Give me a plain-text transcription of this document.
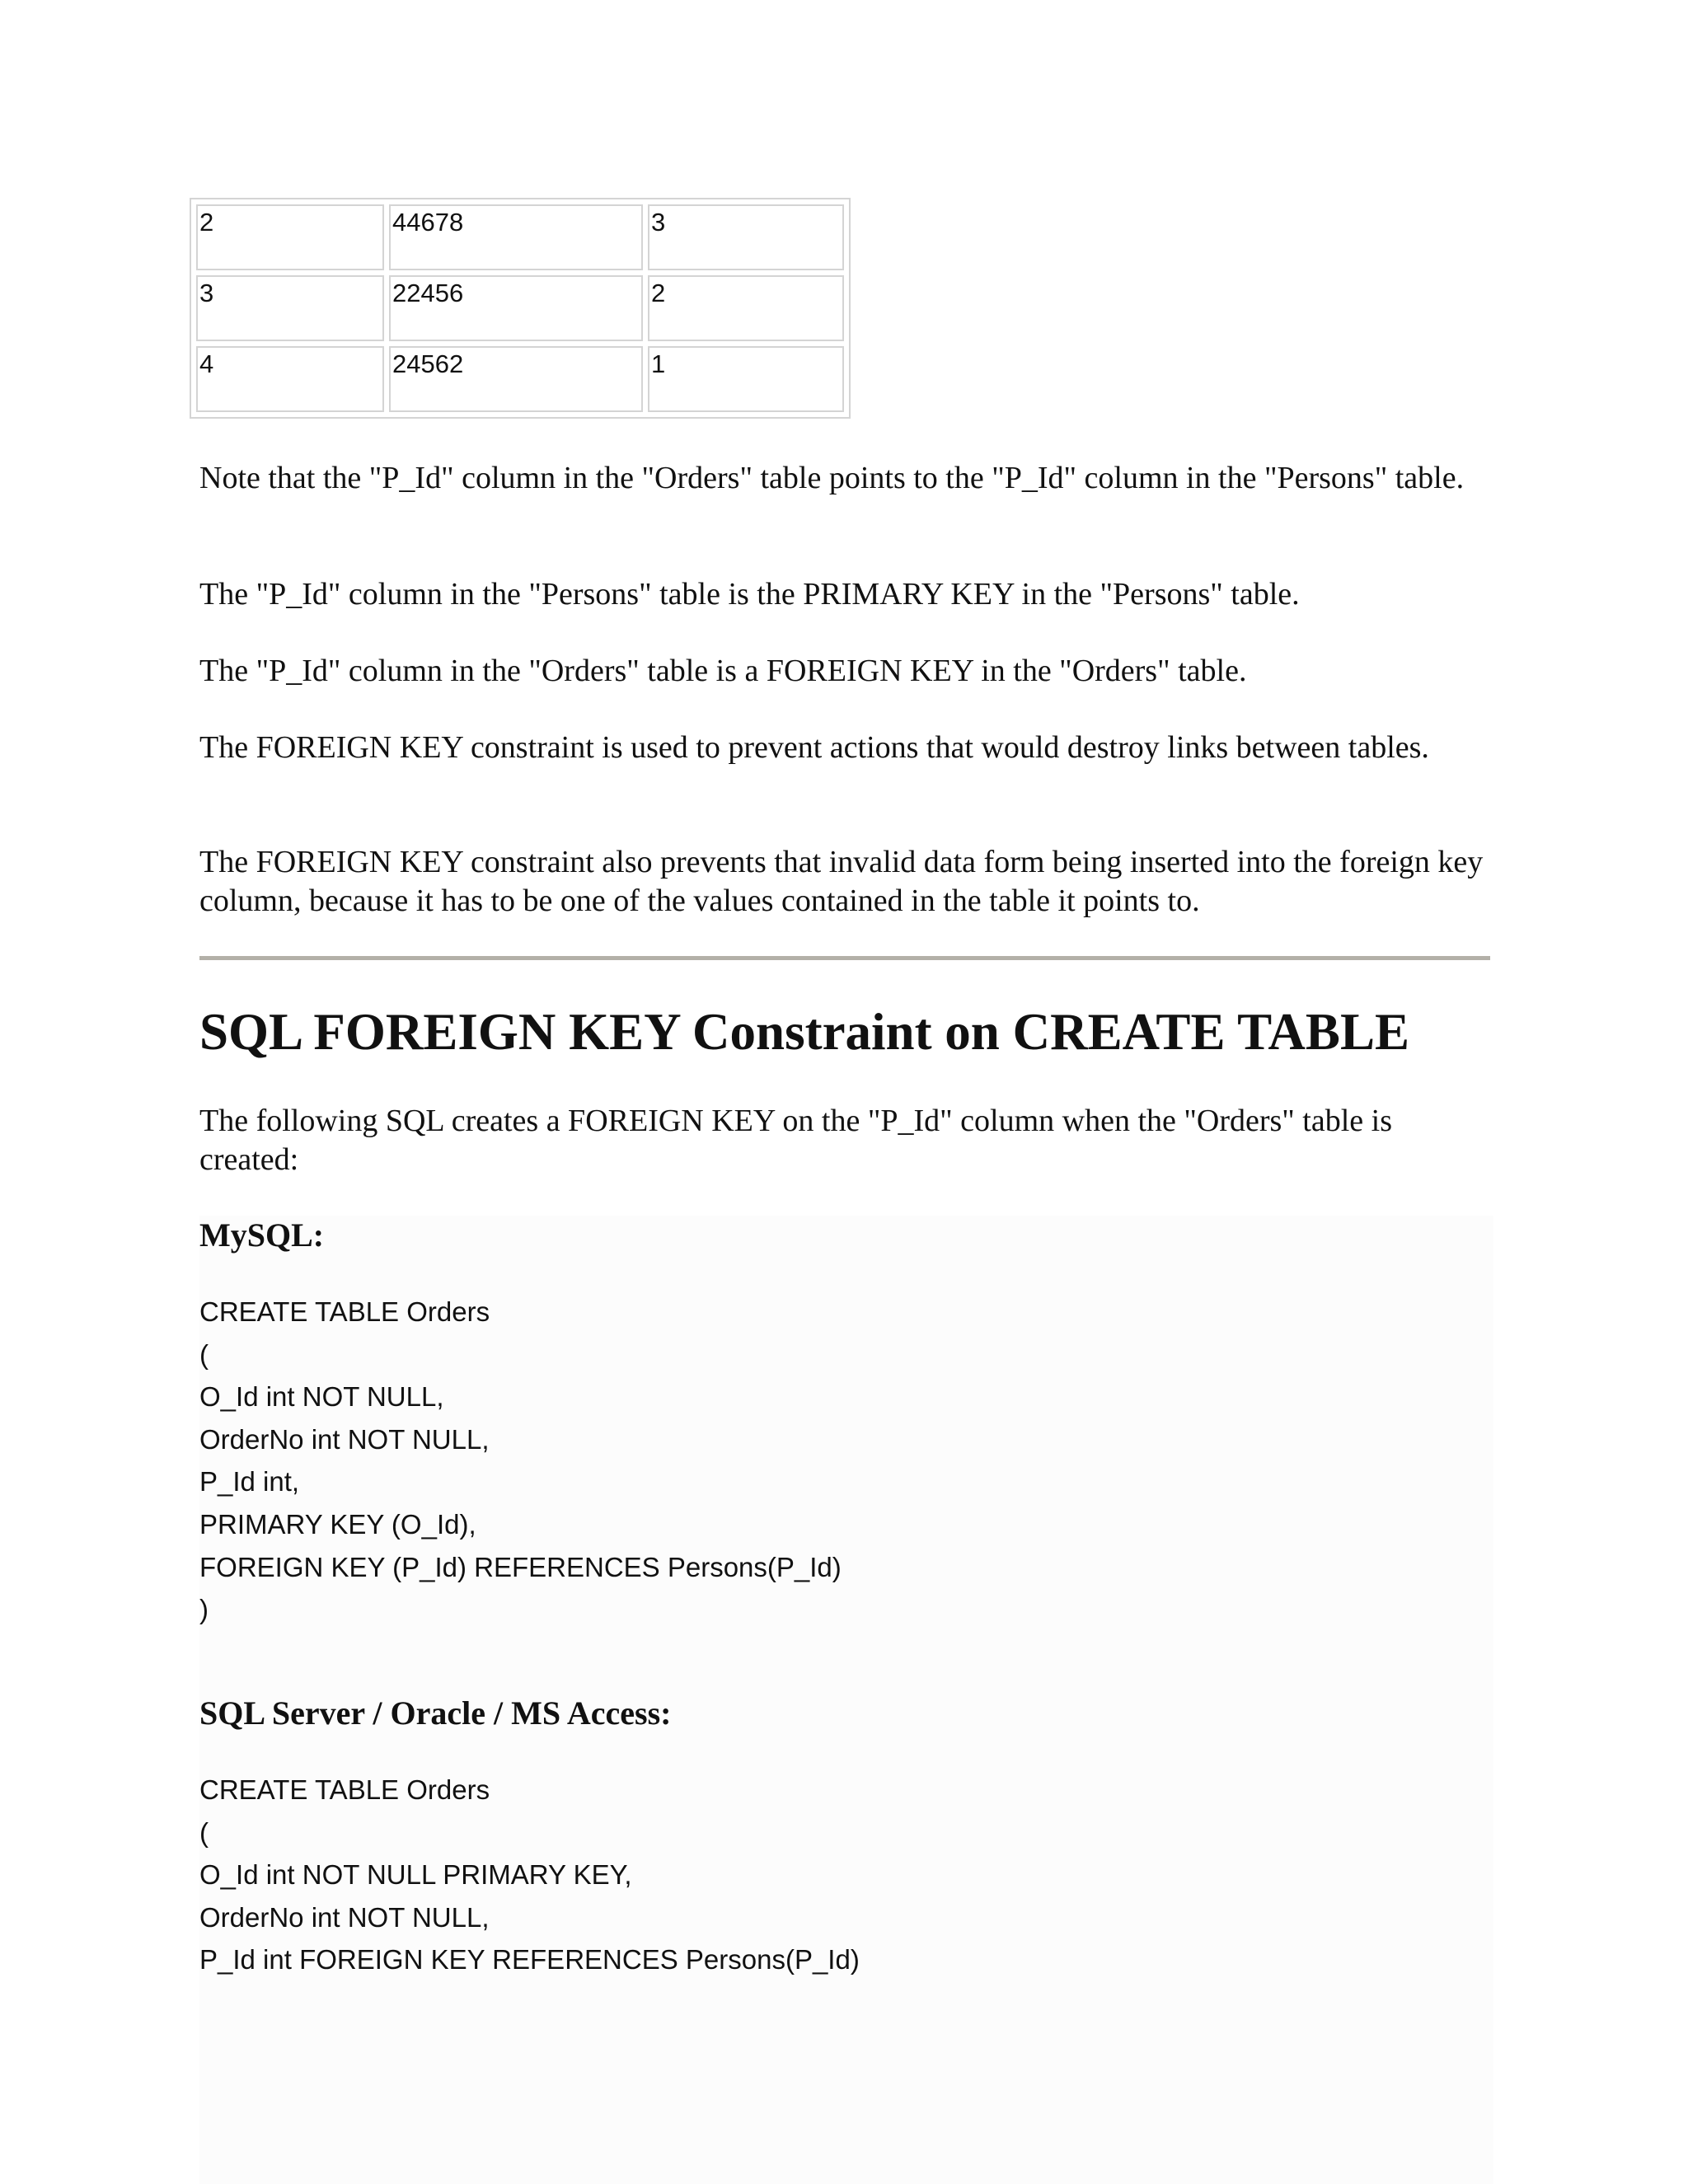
2	44678	3
3	22456	2
4	24562	1

Note that the "P_Id" column in the "Orders" table points to the "P_Id" column in the "Persons" table.

The "P_Id" column in the "Persons" table is the PRIMARY KEY in the "Persons" table.

The "P_Id" column in the "Orders" table is a FOREIGN KEY in the "Orders" table.

The FOREIGN KEY constraint is used to prevent actions that would destroy links between tables.

The FOREIGN KEY constraint also prevents that invalid data form being inserted into the foreign key column, because it has to be one of the values contained in the table it points to.

SQL FOREIGN KEY Constraint on CREATE TABLE

The following SQL creates a FOREIGN KEY on the "P_Id" column when the "Orders" table is created:

MySQL:
CREATE TABLE Orders
(
O_Id int NOT NULL,
OrderNo int NOT NULL,
P_Id int,
PRIMARY KEY (O_Id),
FOREIGN KEY (P_Id) REFERENCES Persons(P_Id)
)
SQL Server / Oracle / MS Access:
CREATE TABLE Orders
(
O_Id int NOT NULL PRIMARY KEY,
OrderNo int NOT NULL,
P_Id int FOREIGN KEY REFERENCES Persons(P_Id)
